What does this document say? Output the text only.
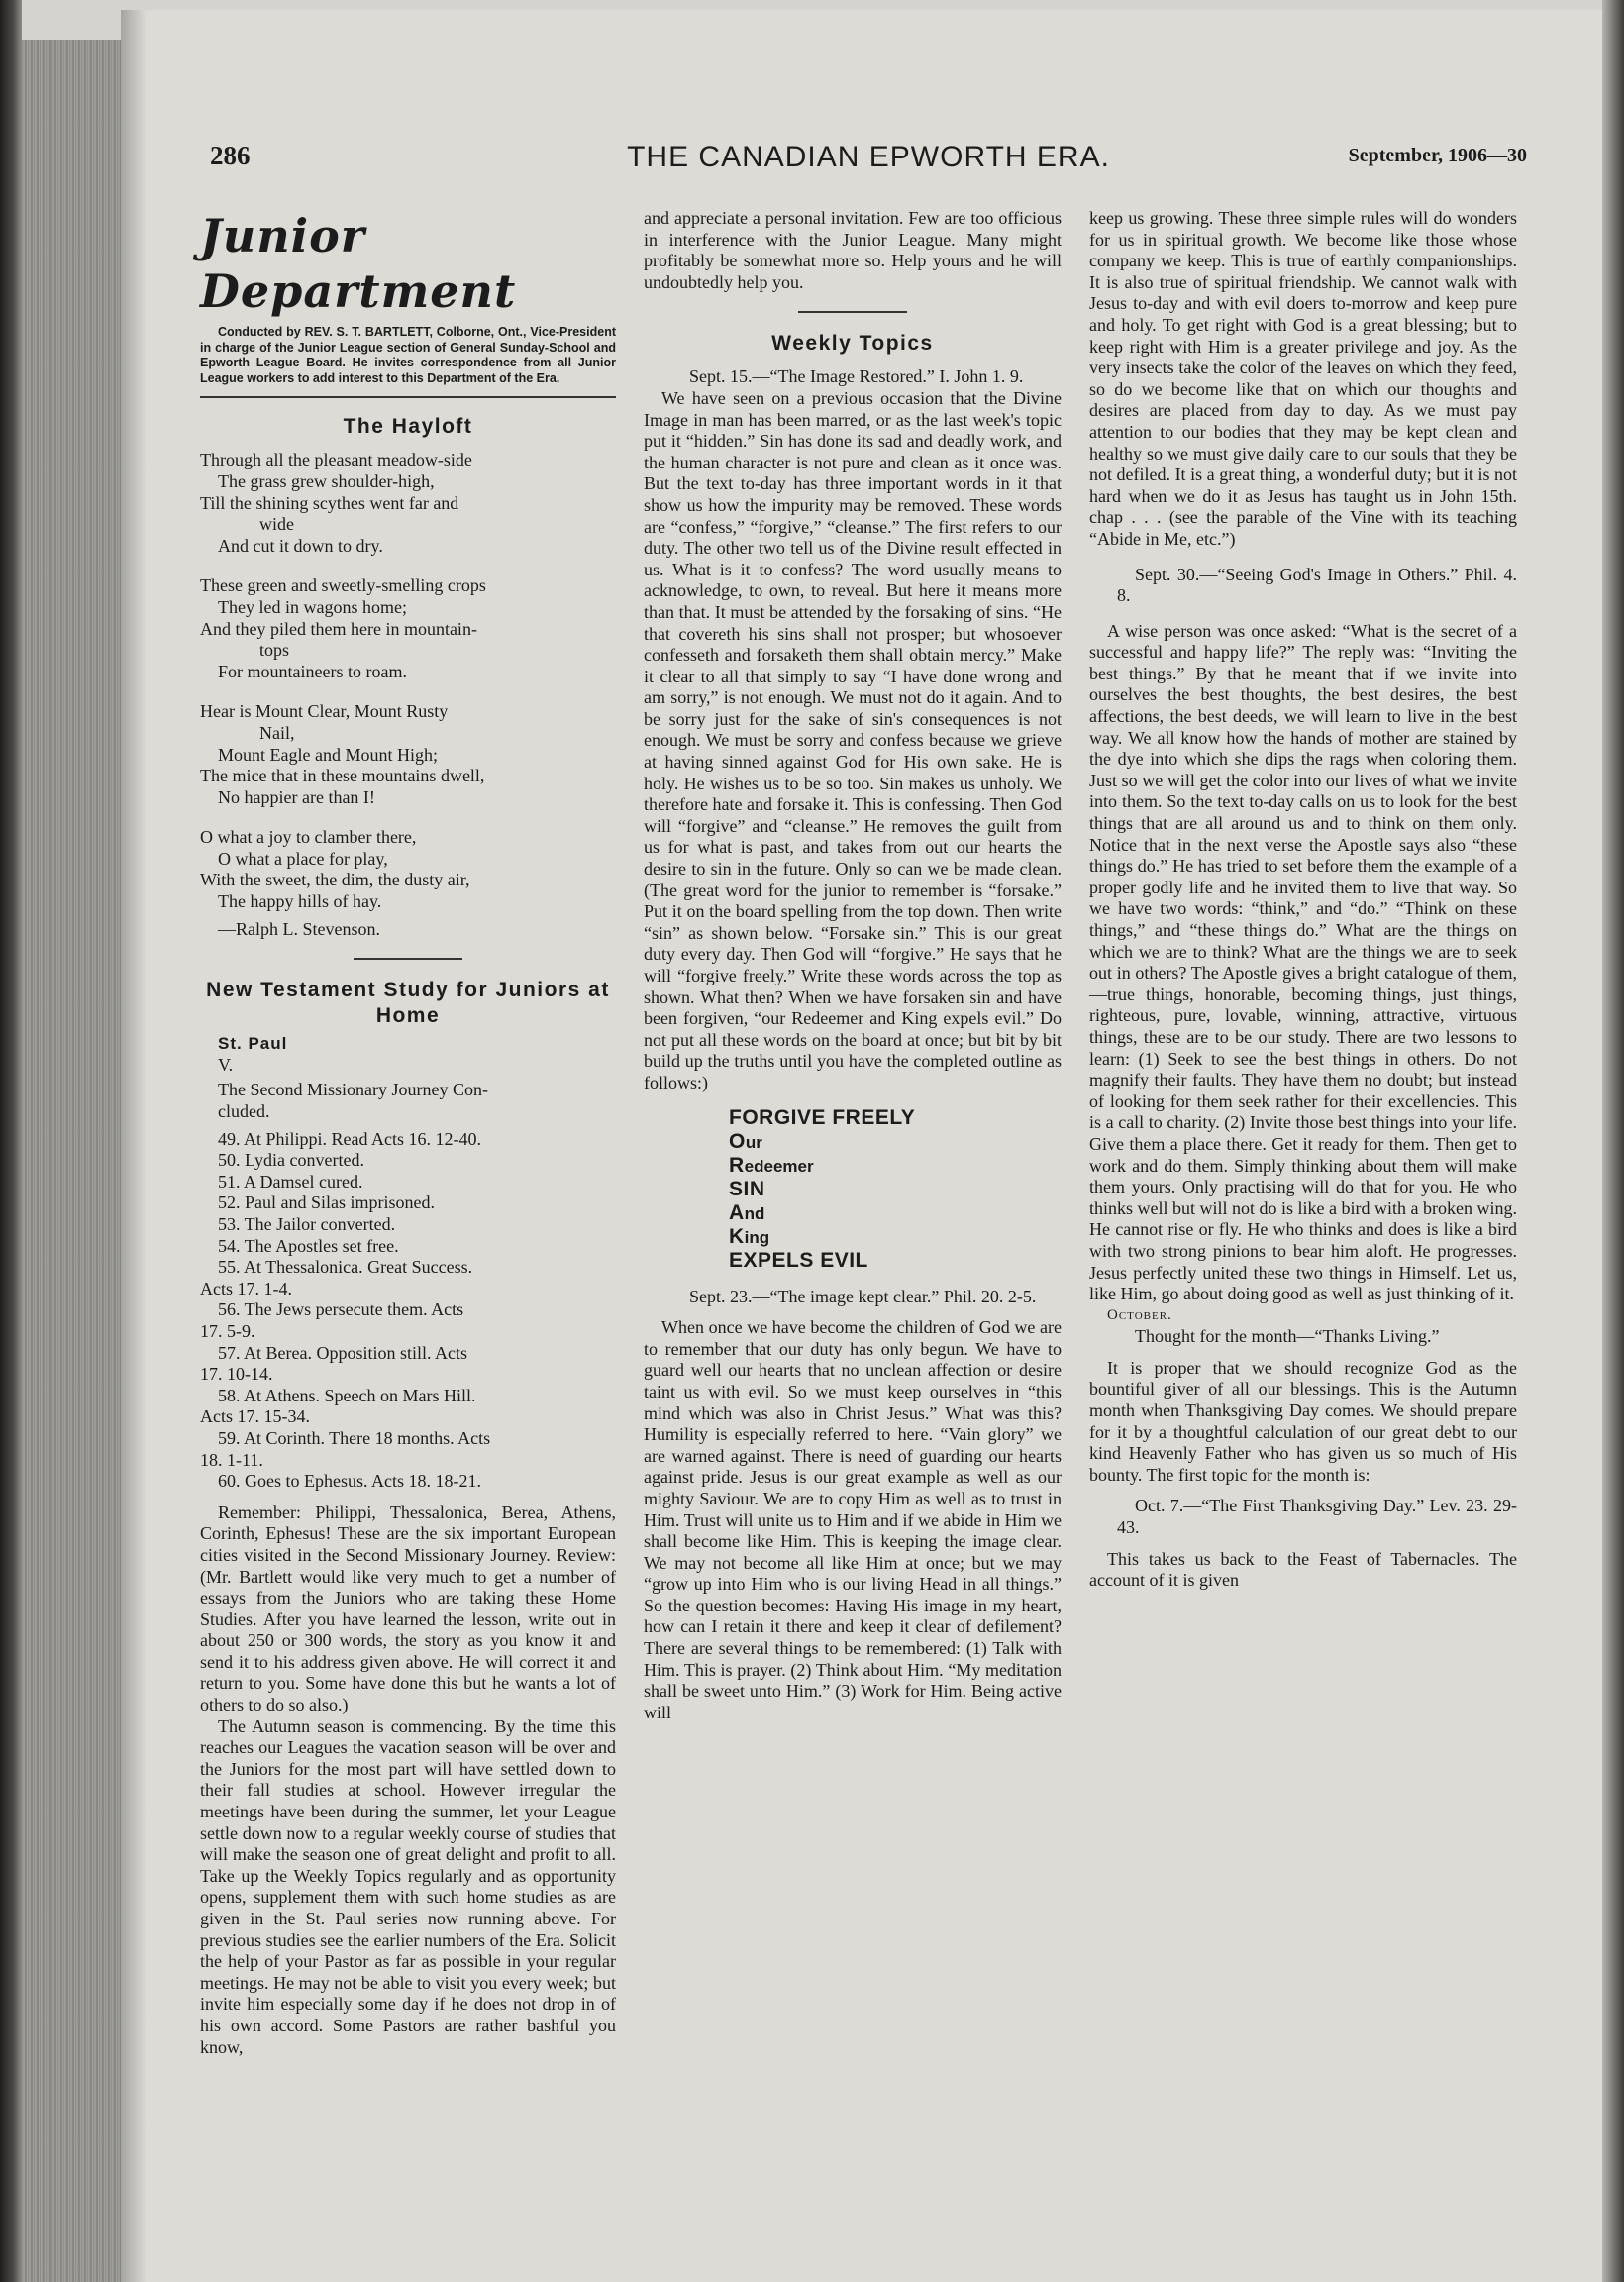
286	THE CANADIAN EPWORTH ERA.	September, 1906—30
Junior Department

Conducted by REV. S. T. BARTLETT, Colborne, Ont., Vice-President in charge of the Junior League section of General Sunday-School and Epworth League Board. He invites correspondence from all Junior League workers to add interest to this Department of the Era.

The Hayloft
Through all the pleasant meadow-side
The grass grew shoulder-high,
Till the shining scythes went far and
wide
And cut it down to dry.
These green and sweetly-smelling crops
They led in wagons home;
And they piled them here in mountain-
tops
For mountaineers to roam.
Hear is Mount Clear, Mount Rusty
Nail,
Mount Eagle and Mount High;
The mice that in these mountains dwell,
No happier are than I!
O what a joy to clamber there,
O what a place for play,
With the sweet, the dim, the dusty air,
The happy hills of hay.

—Ralph L. Stevenson.

New Testament Study for Juniors at Home

St. Paul

V.

The Second Missionary Journey Con-

cluded.

49. At Philippi. Read Acts 16. 12-40.
50. Lydia converted.
51. A Damsel cured.
52. Paul and Silas imprisoned.
53. The Jailor converted.
54. The Apostles set free.
55. At Thessalonica. Great Success.
Acts 17. 1-4.
56. The Jews persecute them. Acts
17. 5-9.
57. At Berea. Opposition still. Acts
17. 10-14.
58. At Athens. Speech on Mars Hill.
Acts 17. 15-34.
59. At Corinth. There 18 months. Acts
18. 1-11.
60. Goes to Ephesus. Acts 18. 18-21.

Remember: Philippi, Thessalonica, Berea, Athens, Corinth, Ephesus! These are the six important European cities visited in the Second Missionary Journey. Review: (Mr. Bartlett would like very much to get a number of essays from the Juniors who are taking these Home Studies. After you have learned the lesson, write out in about 250 or 300 words, the story as you know it and send it to his address given above. He will correct it and return to you. Some have done this but he wants a lot of others to do so also.)

The Autumn season is commencing. By the time this reaches our Leagues the vacation season will be over and the Juniors for the most part will have settled down to their fall studies at school. However irregular the meetings have been during the summer, let your League settle down now to a regular weekly course of studies that will make the season one of great delight and profit to all. Take up the Weekly Topics regularly and as opportunity opens, supplement them with such home studies as are given in the St. Paul series now running above. For previous studies see the earlier numbers of the Era. Solicit the help of your Pastor as far as possible in your regular meetings. He may not be able to visit you every week; but invite him especially some day if he does not drop in of his own accord. Some Pastors are rather bashful you know,

and appreciate a personal invitation. Few are too officious in interference with the Junior League. Many might profitably be somewhat more so. Help yours and he will undoubtedly help you.

Weekly Topics

Sept. 15.—“The Image Restored.” I. John 1. 9.

We have seen on a previous occasion that the Divine Image in man has been marred, or as the last week's topic put it “hidden.” Sin has done its sad and deadly work, and the human character is not pure and clean as it once was. But the text to-day has three important words in it that show us how the impurity may be removed. These words are “confess,” “forgive,” “cleanse.” The first refers to our duty. The other two tell us of the Divine result effected in us. What is it to confess? The word usually means to acknowledge, to own, to reveal. But here it means more than that. It must be attended by the forsaking of sins. “He that covereth his sins shall not prosper; but whosoever confesseth and forsaketh them shall obtain mercy.” Make it clear to all that simply to say “I have done wrong and am sorry,” is not enough. We must not do it again. And to be sorry just for the sake of sin's consequences is not enough. We must be sorry and confess because we grieve at having sinned against God for His own sake. He is holy. He wishes us to be so too. Sin makes us unholy. We therefore hate and forsake it. This is confessing. Then God will “forgive” and “cleanse.” He removes the guilt from us for what is past, and takes from out our hearts the desire to sin in the future. Only so can we be made clean. (The great word for the junior to remember is “forsake.” Put it on the board spelling from the top down. Then write “sin” as shown below. “Forsake sin.” This is our great duty every day. Then God will “forgive.” He says that he will “forgive freely.” Write these words across the top as shown. What then? When we have forsaken sin and have been forgiven, “our Redeemer and King expels evil.” Do not put all these words on the board at once; but bit by bit build up the truths until you have the completed outline as follows:)

FORGIVE FREELY
Our
Redeemer
SIN
And
King
EXPELS EVIL

Sept. 23.—“The image kept clear.” Phil. 20. 2-5.

When once we have become the children of God we are to remember that our duty has only begun. We have to guard well our hearts that no unclean affection or desire taint us with evil. So we must keep ourselves in “this mind which was also in Christ Jesus.” What was this? Humility is especially referred to here. “Vain glory” we are warned against. There is need of guarding our hearts against pride. Jesus is our great example as well as our mighty Saviour. We are to copy Him as well as to trust in Him. Trust will unite us to Him and if we abide in Him we shall become like Him. This is keeping the image clear. We may not become all like Him at once; but we may “grow up into Him who is our living Head in all things.” So the question becomes: Having His image in my heart, how can I retain it there and keep it clear of defilement? There are several things to be remembered: (1) Talk with Him. This is prayer. (2) Think about Him. “My meditation shall be sweet unto Him.” (3) Work for Him. Being active will

keep us growing. These three simple rules will do wonders for us in spiritual growth. We become like those whose company we keep. This is true of earthly companionships. It is also true of spiritual friendship. We cannot walk with Jesus to-day and with evil doers to-morrow and keep pure and holy. To get right with God is a great blessing; but to keep right with Him is a greater privilege and joy. As the very insects take the color of the leaves on which they feed, so do we become like that on which our thoughts and desires are placed from day to day. As we must pay attention to our bodies that they may be kept clean and healthy so we must give daily care to our souls that they be not defiled. It is a great thing, a wonderful duty; but it is not hard when we do it as Jesus has taught us in John 15th. chap . . . (see the parable of the Vine with its teaching “Abide in Me, etc.”)

Sept. 30.—“Seeing God's Image in Others.” Phil. 4. 8.

A wise person was once asked: “What is the secret of a successful and happy life?” The reply was: “Inviting the best things.” By that he meant that if we invite into ourselves the best thoughts, the best desires, the best affections, the best deeds, we will learn to live in the best way. We all know how the hands of mother are stained by the dye into which she dips the rags when coloring them. Just so we will get the color into our lives of what we invite into them. So the text to-day calls on us to look for the best things that are all around us and to think on them only. Notice that in the next verse the Apostle says also “these things do.” He has tried to set before them the example of a proper godly life and he invited them to live that way. So we have two words: “think,” and “do.” “Think on these things,” and “these things do.” What are the things on which we are to think? What are the things we are to seek out in others? The Apostle gives a bright catalogue of them,—true things, honorable, becoming things, just things, righteous, pure, lovable, winning, attractive, virtuous things, these are to be our study. There are two lessons to learn: (1) Seek to see the best things in others. Do not magnify their faults. They have them no doubt; but instead of looking for them seek rather for their excellencies. This is a call to charity. (2) Invite those best things into your life. Give them a place there. Get it ready for them. Then get to work and do them. Simply thinking about them will make them yours. Only practising will do that for you. He who thinks well but will not do is like a bird with a broken wing. He cannot rise or fly. He who thinks and does is like a bird with two strong pinions to bear him aloft. He progresses. Jesus perfectly united these two things in Himself. Let us, like Him, go about doing good as well as just thinking of it.

October.

Thought for the month—“Thanks Living.”

It is proper that we should recognize God as the bountiful giver of all our blessings. This is the Autumn month when Thanksgiving Day comes. We should prepare for it by a thoughtful calculation of our great debt to our kind Heavenly Father who has given us so much of His bounty. The first topic for the month is:

Oct. 7.—“The First Thanksgiving Day.” Lev. 23. 29-43.

This takes us back to the Feast of Tabernacles. The account of it is given
